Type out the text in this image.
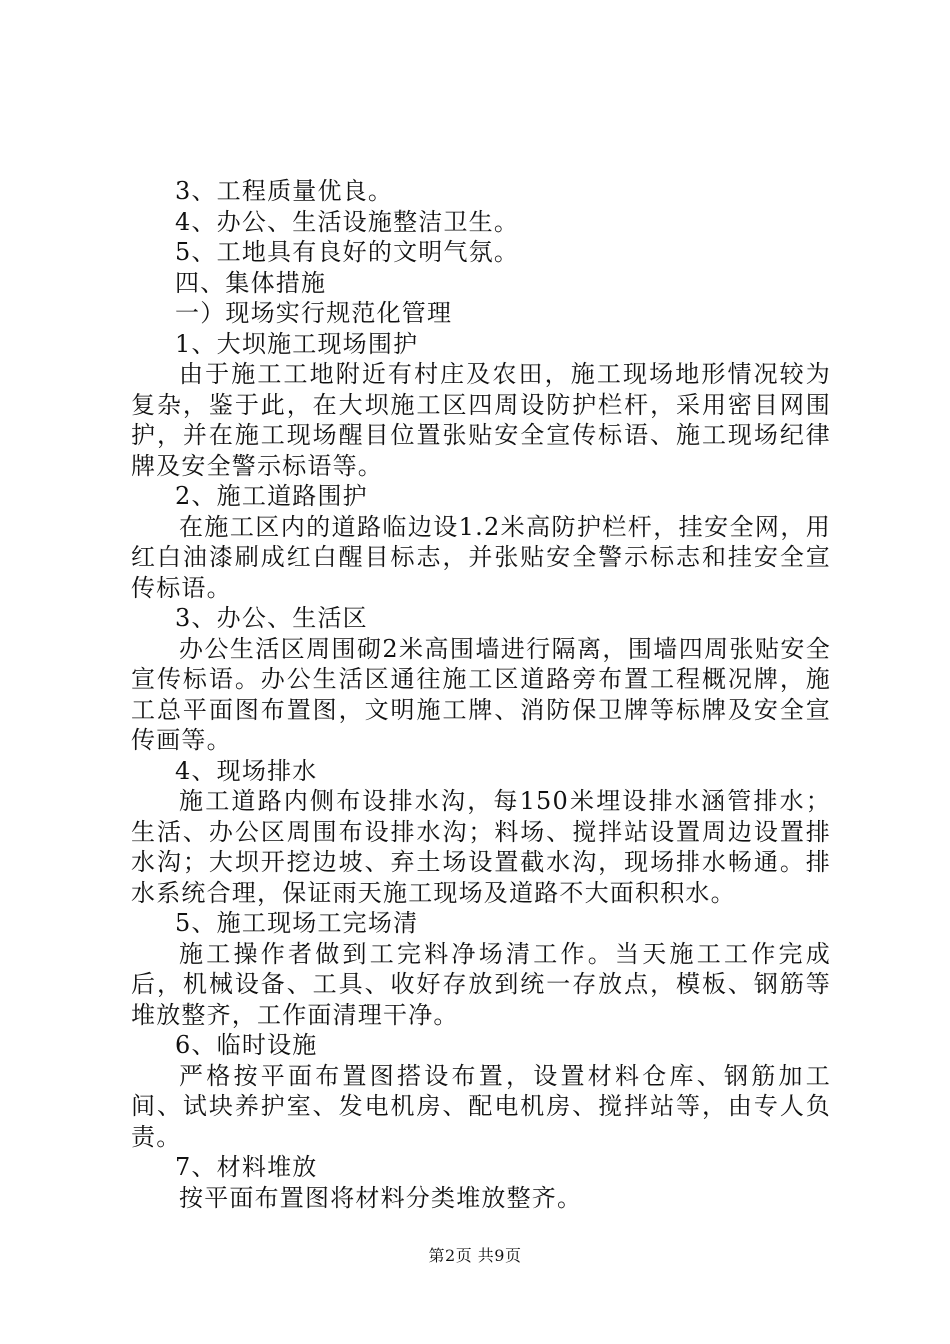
3、工程质量优良。
4、办公、生活设施整洁卫生。
5、工地具有良好的文明气氛。
四、集体措施
一）现场实行规范化管理
1、大坝施工现场围护
由于施工工地附近有村庄及农田，施工现场地形情况较为复杂，鉴于此，在大坝施工区四周设防护栏杆，采用密目网围护，并在施工现场醒目位置张贴安全宣传标语、施工现场纪律牌及安全警示标语等。
2、施工道路围护
在施工区内的道路临边设1.2米高防护栏杆，挂安全网，用红白油漆刷成红白醒目标志，并张贴安全警示标志和挂安全宣传标语。
3、办公、生活区
办公生活区周围砌2米高围墙进行隔离，围墙四周张贴安全宣传标语。办公生活区通往施工区道路旁布置工程概况牌，施工总平面图布置图，文明施工牌、消防保卫牌等标牌及安全宣传画等。
4、现场排水
施工道路内侧布设排水沟，每150米埋设排水涵管排水；生活、办公区周围布设排水沟；料场、搅拌站设置周边设置排水沟；大坝开挖边坡、弃土场设置截水沟，现场排水畅通。排水系统合理，保证雨天施工现场及道路不大面积积水。
5、施工现场工完场清
施工操作者做到工完料净场清工作。当天施工工作完成后，机械设备、工具、收好存放到统一存放点，模板、钢筋等堆放整齐，工作面清理干净。
6、临时设施
严格按平面布置图搭设布置，设置材料仓库、钢筋加工间、试块养护室、发电机房、配电机房、搅拌站等，由专人负责。
7、材料堆放
按平面布置图将材料分类堆放整齐。
第2页 共9页
